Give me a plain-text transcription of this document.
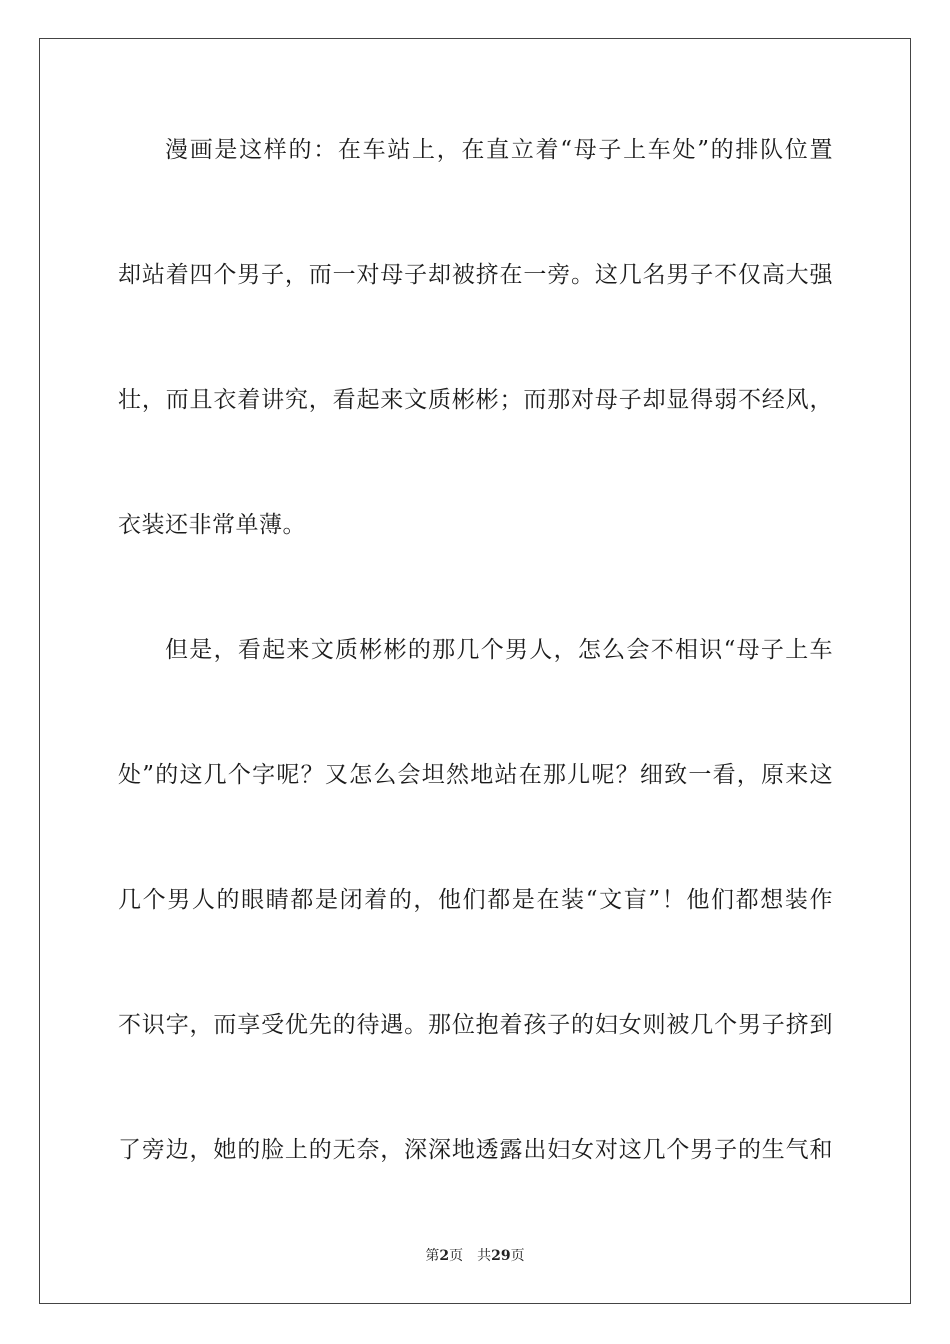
漫画是这样的：在车站上，在直立着“母子上车处”的排队位置
却站着四个男子，而一对母子却被挤在一旁。这几名男子不仅高大强
壮，而且衣着讲究，看起来文质彬彬；而那对母子却显得弱不经风，
衣装还非常单薄。
但是，看起来文质彬彬的那几个男人，怎么会不相识“母子上车
处”的这几个字呢？又怎么会坦然地站在那儿呢？细致一看，原来这
几个男人的眼睛都是闭着的，他们都是在装“文盲”！他们都想装作
不识字，而享受优先的待遇。那位抱着孩子的妇女则被几个男子挤到
了旁边，她的脸上的无奈，深深地透露出妇女对这几个男子的生气和
第2页 共29页
